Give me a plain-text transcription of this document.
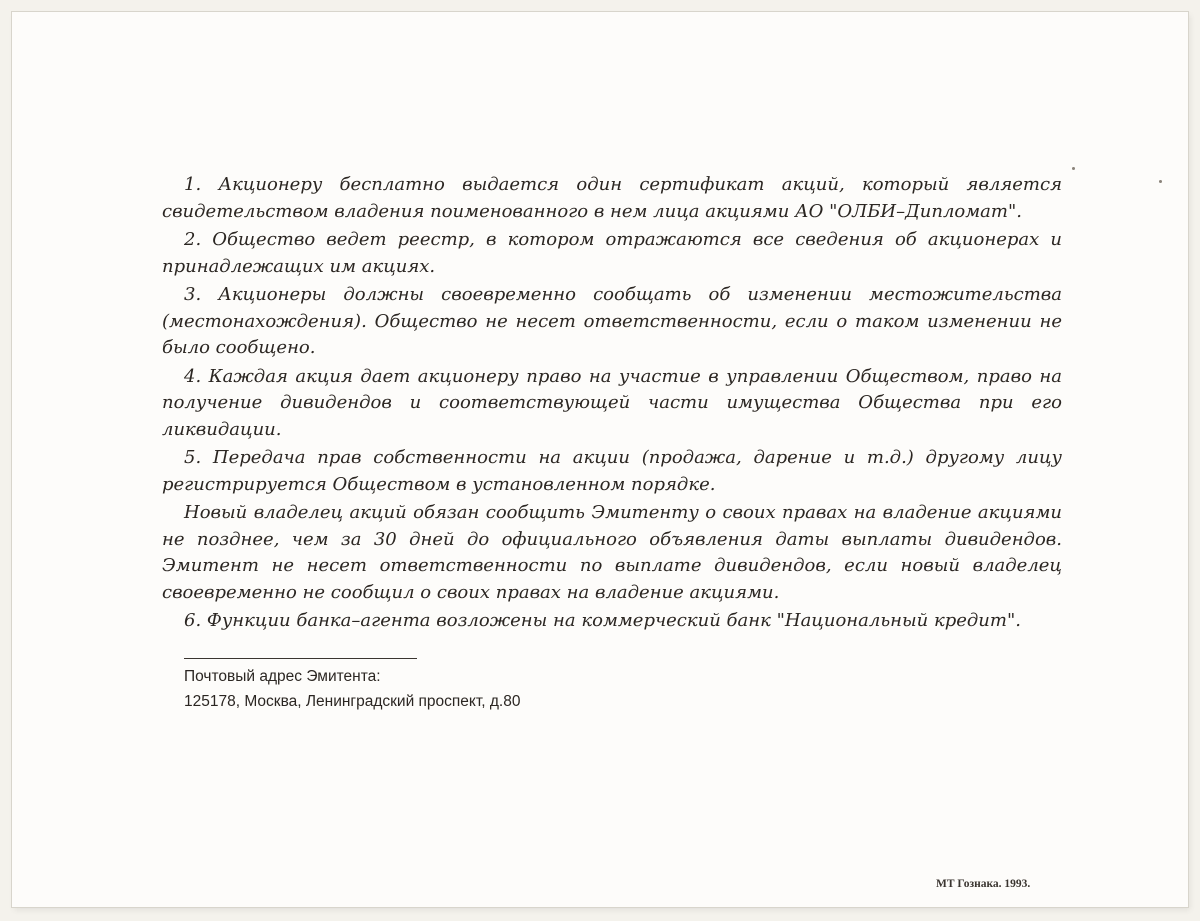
1. Акционеру бесплатно выдается один сертификат акций, который является свидетельством владения поименованного в нем лица акциями АО "ОЛБИ–Дипломат".

2. Общество ведет реестр, в котором отражаются все сведения об акционерах и принадлежащих им акциях.

3. Акционеры должны своевременно сообщать об изменении местожительства (местонахождения). Общество не несет ответственности, если о таком изменении не было сообщено.

4. Каждая акция дает акционеру право на участие в управлении Обществом, право на получение дивидендов и соответствующей части имущества Общества при его ликвидации.

5. Передача прав собственности на акции (продажа, дарение и т.д.) другому лицу регистрируется Обществом в установленном порядке.

Новый владелец акций обязан сообщить Эмитенту о своих правах на владение акциями не позднее, чем за 30 дней до официального объявления даты выплаты дивидендов. Эмитент не несет ответственности по выплате дивидендов, если новый владелец своевременно не сообщил о своих правах на владение акциями.

6. Функции банка–агента возложены на коммерческий банк "Национальный кредит".

Почтовый адрес Эмитента:
125178, Москва, Ленинградский проспект, д.80
МТ Гознака. 1993.
